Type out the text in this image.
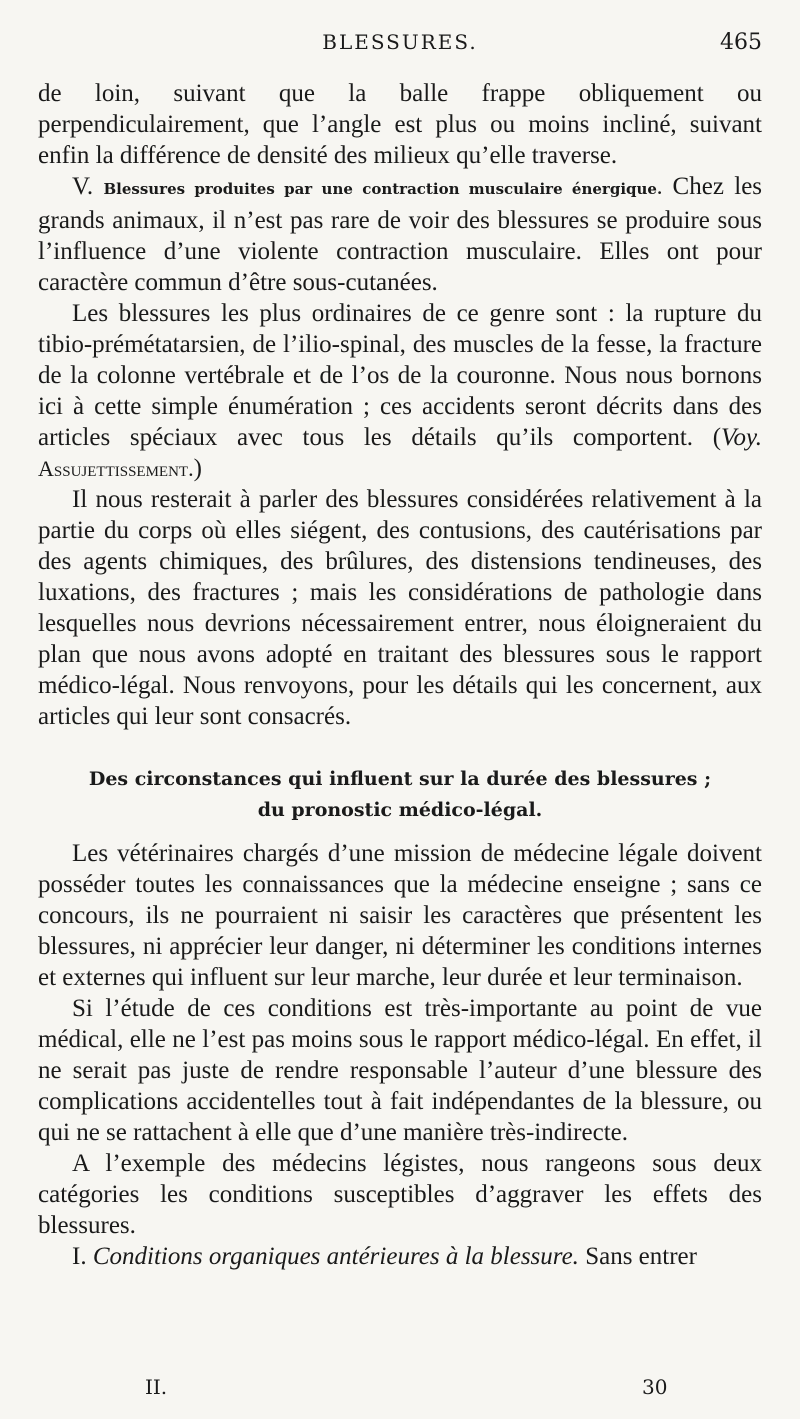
BLESSURES.	465

de loin, suivant que la balle frappe obliquement ou perpendiculairement, que l’angle est plus ou moins incliné, suivant enfin la différence de densité des milieux qu’elle traverse.

V. Blessures produites par une contraction musculaire énergique. Chez les grands animaux, il n’est pas rare de voir des blessures se produire sous l’influence d’une violente contraction musculaire. Elles ont pour caractère commun d’être sous-cutanées.

Les blessures les plus ordinaires de ce genre sont : la rupture du tibio-prémétatarsien, de l’ilio-spinal, des muscles de la fesse, la fracture de la colonne vertébrale et de l’os de la couronne. Nous nous bornons ici à cette simple énumération ; ces accidents seront décrits dans des articles spéciaux avec tous les détails qu’ils comportent. (Voy. Assujettissement.)

Il nous resterait à parler des blessures considérées relativement à la partie du corps où elles siégent, des contusions, des cautérisations par des agents chimiques, des brûlures, des distensions tendineuses, des luxations, des fractures ; mais les considérations de pathologie dans lesquelles nous devrions nécessairement entrer, nous éloigneraient du plan que nous avons adopté en traitant des blessures sous le rapport médico-légal. Nous renvoyons, pour les détails qui les concernent, aux articles qui leur sont consacrés.

Des circonstances qui influent sur la durée des blessures ;
du pronostic médico-légal.

Les vétérinaires chargés d’une mission de médecine légale doivent posséder toutes les connaissances que la médecine enseigne ; sans ce concours, ils ne pourraient ni saisir les caractères que présentent les blessures, ni apprécier leur danger, ni déterminer les conditions internes et externes qui influent sur leur marche, leur durée et leur terminaison.

Si l’étude de ces conditions est très-importante au point de vue médical, elle ne l’est pas moins sous le rapport médico-légal. En effet, il ne serait pas juste de rendre responsable l’auteur d’une blessure des complications accidentelles tout à fait indépendantes de la blessure, ou qui ne se rattachent à elle que d’une manière très-indirecte.

A l’exemple des médecins légistes, nous rangeons sous deux catégories les conditions susceptibles d’aggraver les effets des blessures.

I. Conditions organiques antérieures à la blessure. Sans entrer

II.	30
